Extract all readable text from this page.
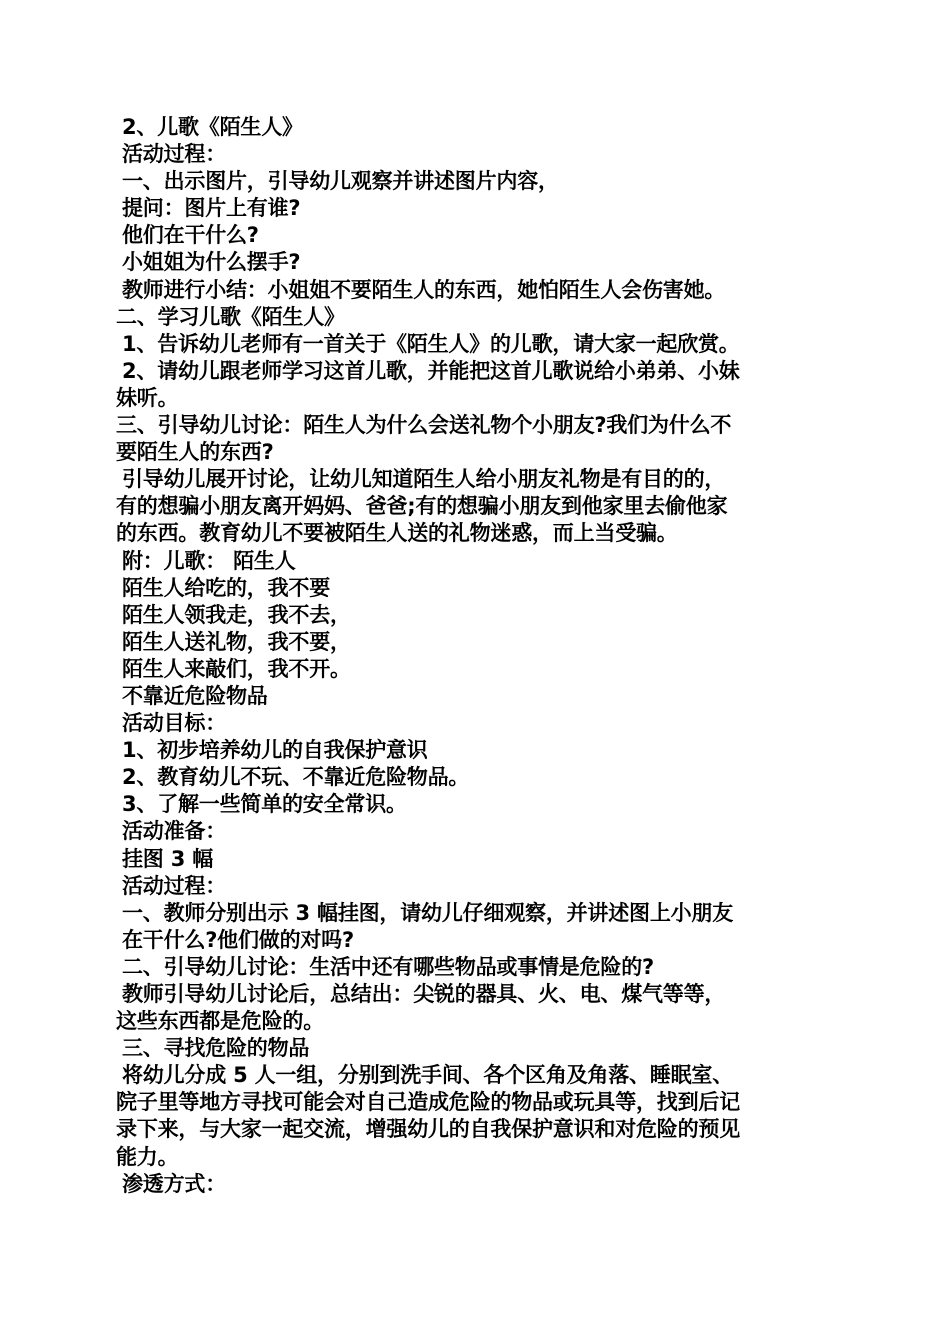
2、儿歌《陌生人》
活动过程：
一、出示图片，引导幼儿观察并讲述图片内容，
提问：图片上有谁?
他们在干什么?
小姐姐为什么摆手?
教师进行小结：小姐姐不要陌生人的东西，她怕陌生人会伤害她。
二、学习儿歌《陌生人》
1、告诉幼儿老师有一首关于《陌生人》的儿歌，请大家一起欣赏。
2、请幼儿跟老师学习这首儿歌，并能把这首儿歌说给小弟弟、小妹
妹听。
三、引导幼儿讨论：陌生人为什么会送礼物个小朋友?我们为什么不
要陌生人的东西?
引导幼儿展开讨论，让幼儿知道陌生人给小朋友礼物是有目的的，
有的想骗小朋友离开妈妈、爸爸;有的想骗小朋友到他家里去偷他家
的东西。教育幼儿不要被陌生人送的礼物迷惑，而上当受骗。
附：儿歌： 陌生人
陌生人给吃的，我不要
陌生人领我走，我不去，
陌生人送礼物，我不要，
陌生人来敲们，我不开。
不靠近危险物品
活动目标：
1、初步培养幼儿的自我保护意识
2、教育幼儿不玩、不靠近危险物品。
3、了解一些简单的安全常识。
活动准备：
挂图 3 幅
活动过程：
一、教师分别出示 3 幅挂图，请幼儿仔细观察，并讲述图上小朋友
在干什么?他们做的对吗?
二、引导幼儿讨论：生活中还有哪些物品或事情是危险的?
教师引导幼儿讨论后，总结出：尖锐的器具、火、电、煤气等等，
这些东西都是危险的。
三、寻找危险的物品
将幼儿分成 5 人一组，分别到洗手间、各个区角及角落、睡眠室、
院子里等地方寻找可能会对自己造成危险的物品或玩具等，找到后记
录下来，与大家一起交流，增强幼儿的自我保护意识和对危险的预见
能力。
渗透方式：
